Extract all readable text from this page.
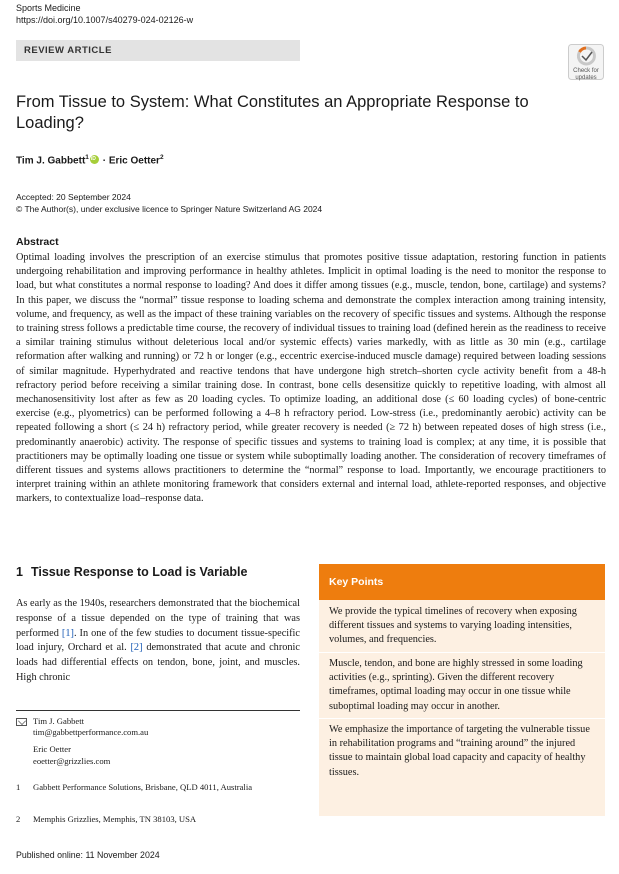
Sports Medicine
https://doi.org/10.1007/s40279-024-02126-w
REVIEW ARTICLE
Check for updates
From Tissue to System: What Constitutes an Appropriate Response to Loading?
Tim J. Gabbett$^1$iD · Eric Oetter$^2$
Accepted: 20 September 2024
© The Author(s), under exclusive licence to Springer Nature Switzerland AG 2024
Abstract
Optimal loading involves the prescription of an exercise stimulus that promotes positive tissue adaptation, restoring function in patients undergoing rehabilitation and improving performance in healthy athletes. Implicit in optimal loading is the need to monitor the response to load, but what constitutes a normal response to loading? And does it differ among tissues (e.g., muscle, tendon, bone, cartilage) and systems? In this paper, we discuss the “normal” tissue response to loading schema and demonstrate the complex interaction among training intensity, volume, and frequency, as well as the impact of these training variables on the recovery of specific tissues and systems. Although the response to training stress follows a predictable time course, the recovery of individual tissues to training load (defined herein as the readiness to receive a similar training stimulus without deleterious local and/or systemic effects) varies markedly, with as little as 30 min (e.g., cartilage reformation after walking and running) or 72 h or longer (e.g., eccentric exercise-induced muscle damage) required between loading sessions of similar magnitude. Hyperhydrated and reactive tendons that have undergone high stretch–shorten cycle activity benefit from a 48-h refractory period before receiving a similar training dose. In contrast, bone cells desensitize quickly to repetitive loading, with almost all mechanosensitivity lost after as few as 20 loading cycles. To optimize loading, an additional dose (≤ 60 loading cycles) of bone-centric exercise (e.g., plyometrics) can be performed following a 4–8 h refractory period. Low-stress (i.e., predominantly aerobic) activity can be repeated following a short (≤ 24 h) refractory period, while greater recovery is needed (≥ 72 h) between repeated doses of high stress (i.e., predominantly anaerobic) activity. The response of specific tissues and systems to training load is complex; at any time, it is possible that practitioners may be optimally loading one tissue or system while suboptimally loading another. The consideration of recovery timeframes of different tissues and systems allows practitioners to determine the “normal” response to load. Importantly, we encourage practitioners to interpret training within an athlete monitoring framework that considers external and internal load, athlete-reported responses, and objective markers, to contextualize load–response data.
1 Tissue Response to Load is Variable
As early as the 1940s, researchers demonstrated that the biochemical response of a tissue depended on the type of training that was performed [1]. In one of the few studies to document tissue-specific load injury, Orchard et al. [2] demonstrated that acute and chronic loads had differential effects on tendon, bone, joint, and muscles. High chronic
Key Points
We provide the typical timelines of recovery when exposing different tissues and systems to varying loading intensities, volumes, and frequencies.
Muscle, tendon, and bone are highly stressed in some loading activities (e.g., sprinting). Given the different recovery timeframes, optimal loading may occur in one tissue while suboptimal loading may occur in another.
We emphasize the importance of targeting the vulnerable tissue in rehabilitation programs and “training around” the injured tissue to maintain global load capacity and capacity of healthy tissues.
Tim J. Gabbett
tim@gabbettperformance.com.au
Eric Oetter
eoetter@grizzlies.com
1 Gabbett Performance Solutions, Brisbane, QLD 4011, Australia
2 Memphis Grizzlies, Memphis, TN 38103, USA
Published online: 11 November 2024
